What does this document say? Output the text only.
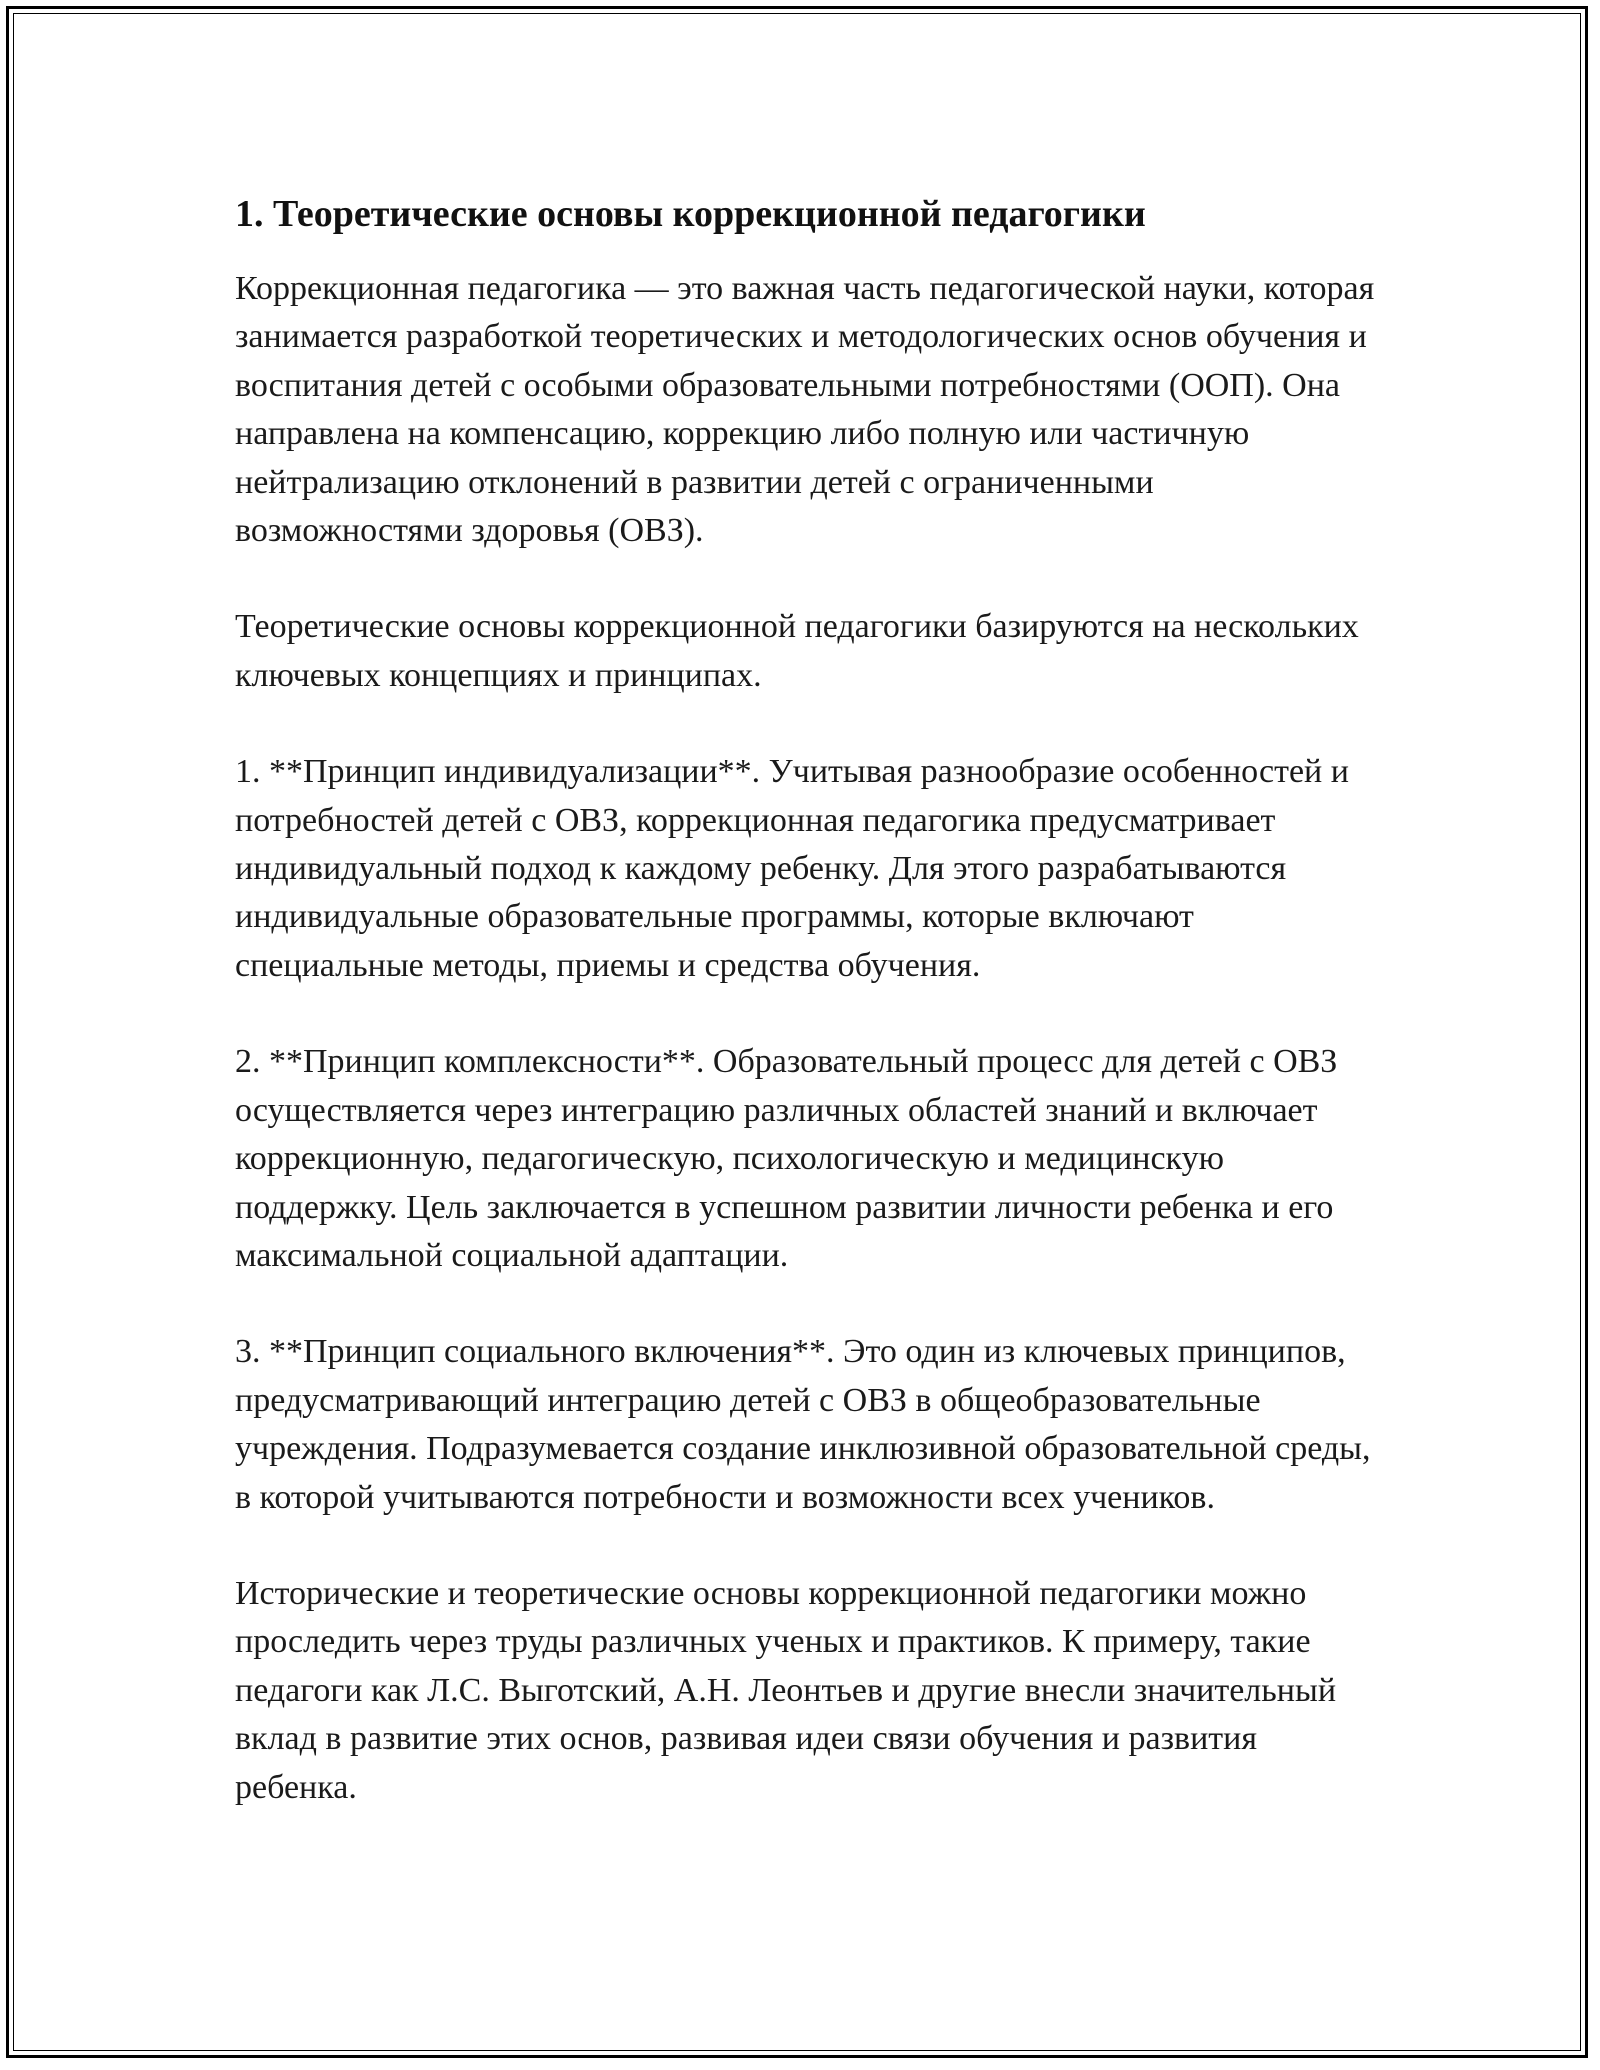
1. Теоретические основы коррекционной педагогики

Коррекционная педагогика — это важная часть педагогической науки, которая занимается разработкой теоретических и методологических основ обучения и воспитания детей с особыми образовательными потребностями (ООП). Она направлена на компенсацию, коррекцию либо полную или частичную нейтрализацию отклонений в развитии детей с ограниченными возможностями здоровья (ОВЗ).

Теоретические основы коррекционной педагогики базируются на нескольких ключевых концепциях и принципах.

1. **Принцип индивидуализации**. Учитывая разнообразие особенностей и потребностей детей с ОВЗ, коррекционная педагогика предусматривает индивидуальный подход к каждому ребенку. Для этого разрабатываются индивидуальные образовательные программы, которые включают специальные методы, приемы и средства обучения.

2. **Принцип комплексности**. Образовательный процесс для детей с ОВЗ осуществляется через интеграцию различных областей знаний и включает коррекционную, педагогическую, психологическую и медицинскую поддержку. Цель заключается в успешном развитии личности ребенка и его максимальной социальной адаптации.

3. **Принцип социального включения**. Это один из ключевых принципов, предусматривающий интеграцию детей с ОВЗ в общеобразовательные учреждения. Подразумевается создание инклюзивной образовательной среды, в которой учитываются потребности и возможности всех учеников.

Исторические и теоретические основы коррекционной педагогики можно проследить через труды различных ученых и практиков. К примеру, такие педагоги как Л.С. Выготский, А.Н. Леонтьев и другие внесли значительный вклад в развитие этих основ, развивая идеи связи обучения и развития ребенка.
